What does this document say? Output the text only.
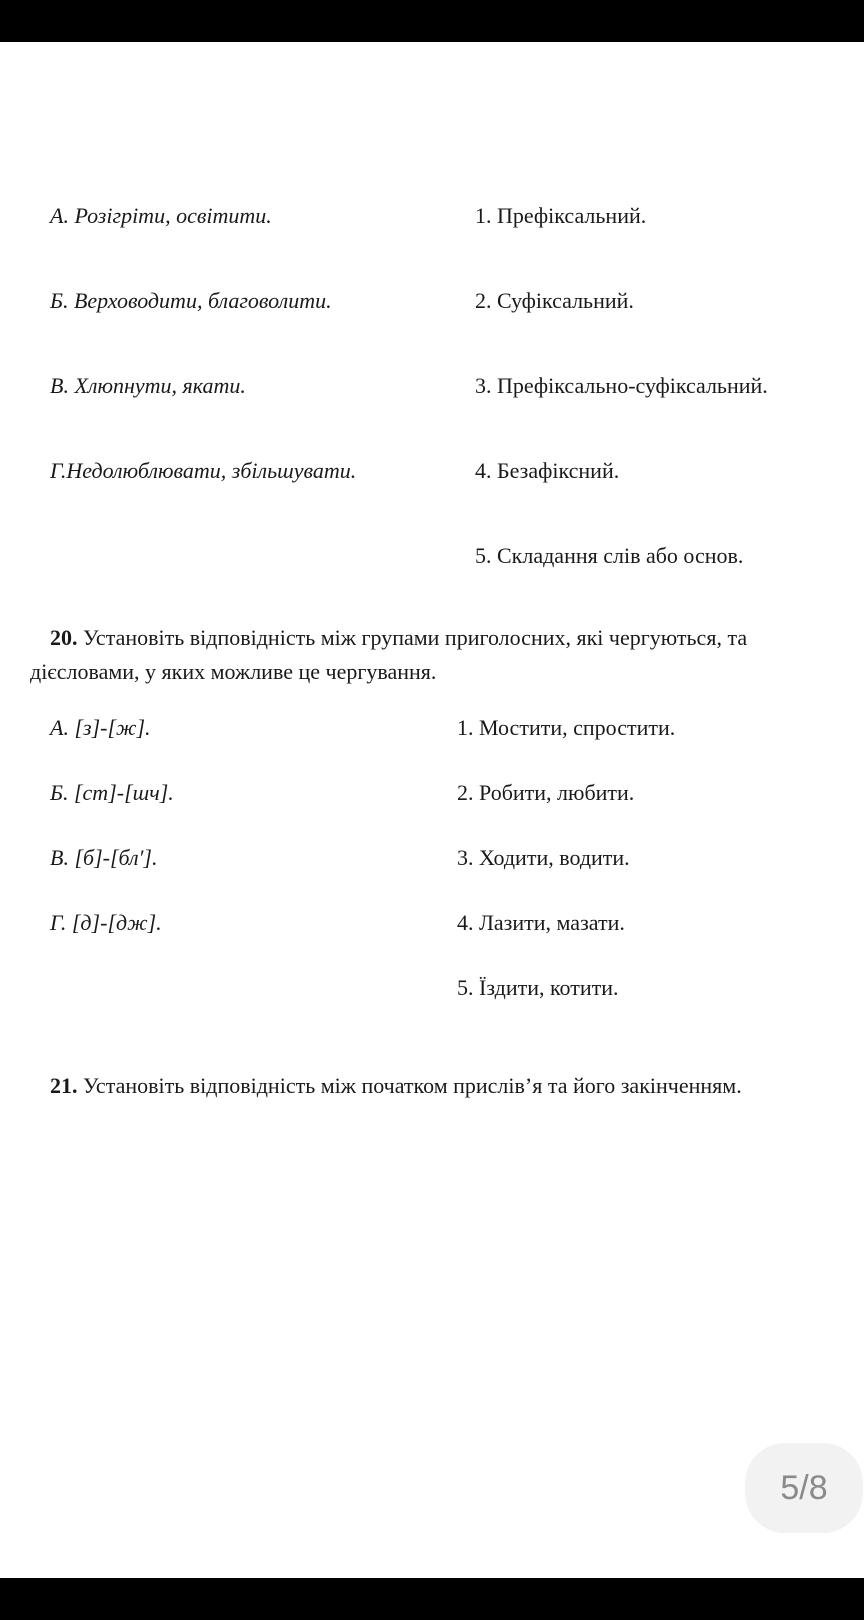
А. Розігріти, освітити.
Б. Верховодити, благоволити.
В. Хлюпнути, якати.
Г.Недолюблювати, збільшувати.
1. Префіксальний.
2. Суфіксальний.
3. Префіксально-суфіксальний.
4. Безафіксний.
5. Складання слів або основ.
20. Установіть відповідність між групами приголосних, які чергуються, та
дієсловами, у яких можливе це чергування.
А. [з]-[ж].
Б. [ст]-[шч].
В. [б]-[бл′].
Г. [д]-[дж].
1. Мостити, спростити.
2. Робити, любити.
3. Ходити, водити.
4. Лазити, мазати.
5. Їздити, котити.
21. Установіть відповідність між початком прислів’я та його закінченням.
5/8
